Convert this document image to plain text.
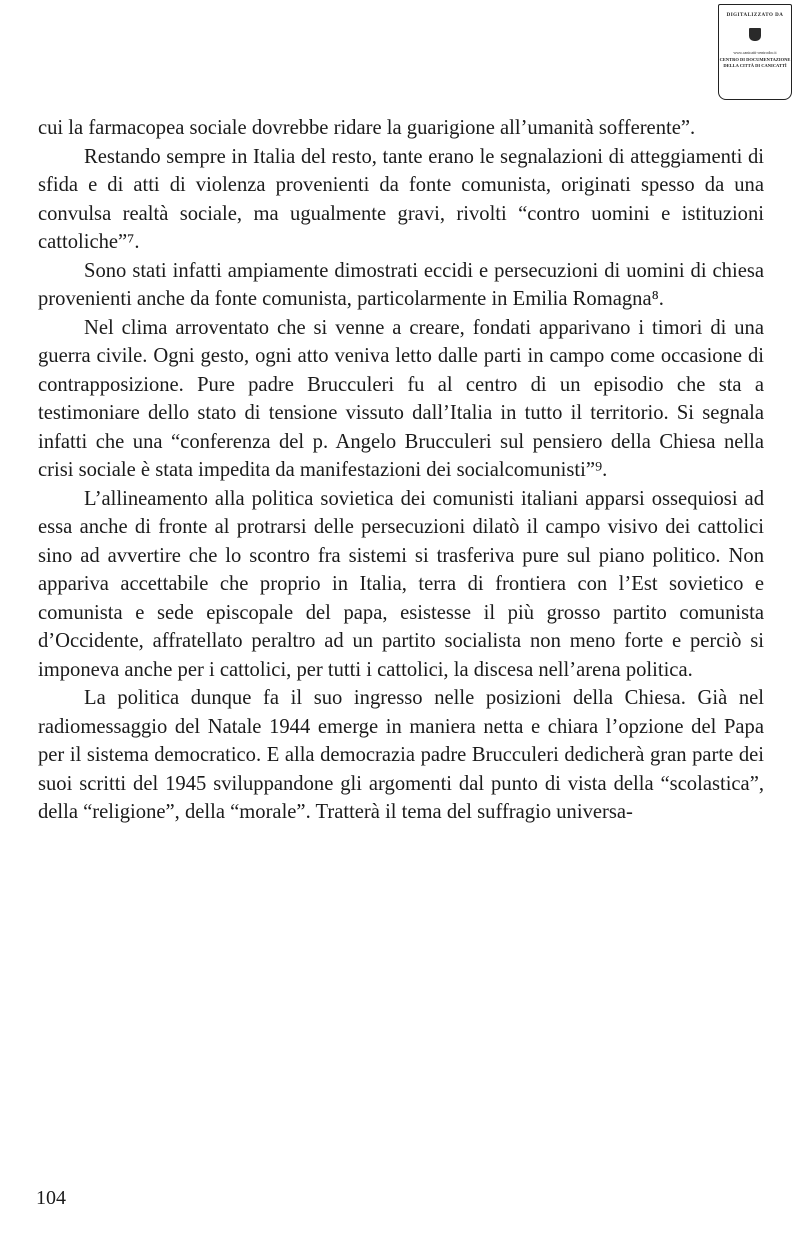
DIGITALIZZATO DA
www.canicatti-centrodoc.it
CENTRO DI DOCUMENTAZIONE
DELLA CITTÀ DI CANICATTÌ

cui la farmacopea sociale dovrebbe ridare la guarigione all’umanità sofferente”.

Restando sempre in Italia del resto, tante erano le segnalazioni di atteggiamenti di sfida e di atti di violenza provenienti da fonte comunista, originati spesso da una convulsa realtà sociale, ma ugualmente gravi, rivolti “contro uomini e istituzioni cattoliche”⁷.

Sono stati infatti ampiamente dimostrati eccidi e persecuzioni di uomini di chiesa provenienti anche da fonte comunista, particolarmente in Emilia Romagna⁸.

Nel clima arroventato che si venne a creare, fondati apparivano i timori di una guerra civile. Ogni gesto, ogni atto veniva letto dalle parti in campo come occasione di contrapposizione. Pure padre Brucculeri fu al centro di un episodio che sta a testimoniare dello stato di tensione vissuto dall’Italia in tutto il territorio. Si segnala infatti che una “conferenza del p. Angelo Brucculeri sul pensiero della Chiesa nella crisi sociale è stata impedita da manifestazioni dei socialcomunisti”⁹.

L’allineamento alla politica sovietica dei comunisti italiani apparsi ossequiosi ad essa anche di fronte al protrarsi delle persecuzioni dilatò il campo visivo dei cattolici sino ad avvertire che lo scontro fra sistemi si trasferiva pure sul piano politico. Non appariva accettabile che proprio in Italia, terra di frontiera con l’Est sovietico e comunista e sede episcopale del papa, esistesse il più grosso partito comunista d’Occidente, affratellato peraltro ad un partito socialista non meno forte e perciò si imponeva anche per i cattolici, per tutti i cattolici, la discesa nell’arena politica.

La politica dunque fa il suo ingresso nelle posizioni della Chiesa. Già nel radiomessaggio del Natale 1944 emerge in maniera netta e chiara l’opzione del Papa per il sistema democratico. E alla democrazia padre Brucculeri dedicherà gran parte dei suoi scritti del 1945 sviluppandone gli argomenti dal punto di vista della “scolastica”, della “religione”, della “morale”. Tratterà il tema del suffragio universa-

104
